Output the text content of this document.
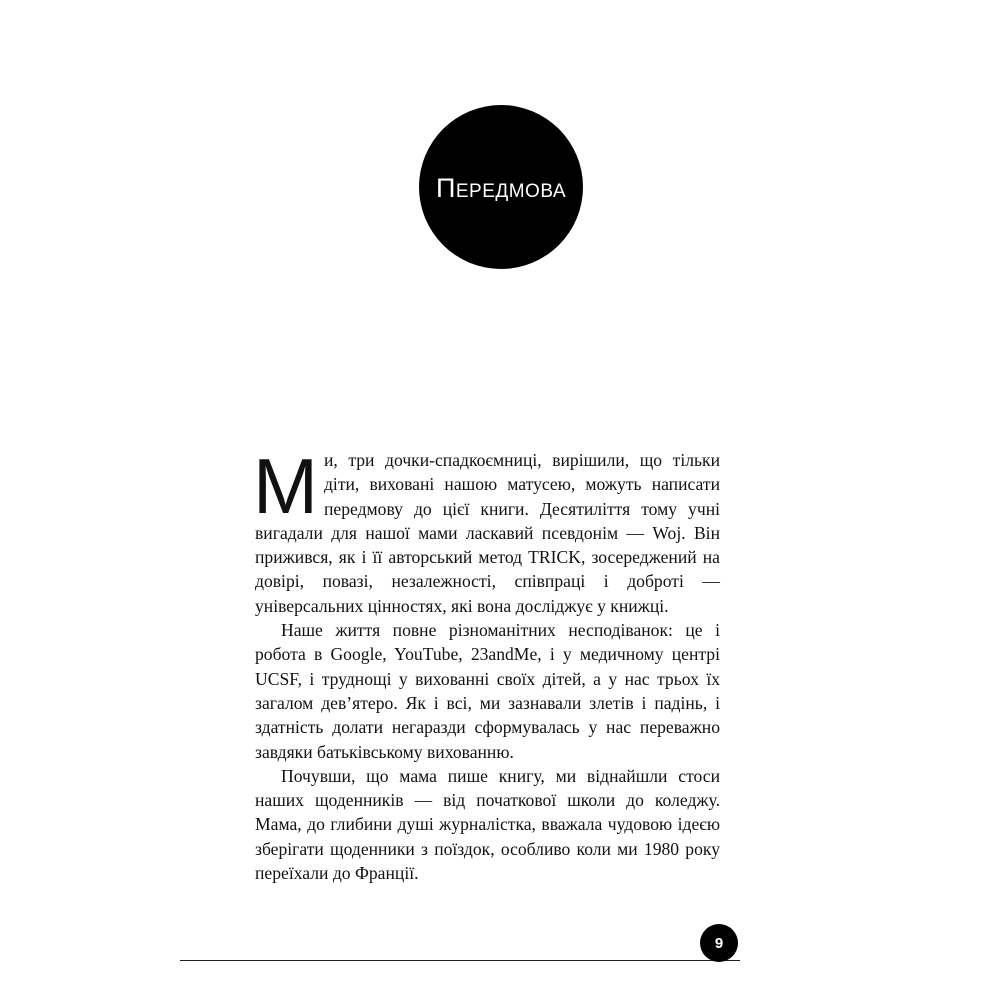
Передмова

Ми, три дочки-спадкоємниці, вирішили, що тільки діти, виховані нашою матусею, можуть написати передмову до цієї книги. Десятиліття тому учні вигадали для нашої мами лаcкавий псевдонім — Woj. Він прижився, як і її авторський метод TRICK, зосереджений на довірі, повазі, незалежності, співпраці і доброті — універсальних цінностях, які вона досліджує у книжці.

Наше життя повне різноманітних несподіванок: це і робота в Google, YouTube, 23andMe, і у медичному центрі UCSF, і труднощі у вихованні своїх дітей, а у нас трьох їх загалом дев’ятеро. Як і всі, ми зазнавали злетів і падінь, і здатність долати негаразди сформувалась у нас переважно завдяки батьківському вихованню.

Почувши, що мама пише книгу, ми віднайшли стоси наших щоденників — від початкової школи до коледжу. Мама, до глибини душі журналістка, вважала чудовою ідеєю зберігати щоденники з поїздок, особливо коли ми 1980 року переїхали до Франції.

9
